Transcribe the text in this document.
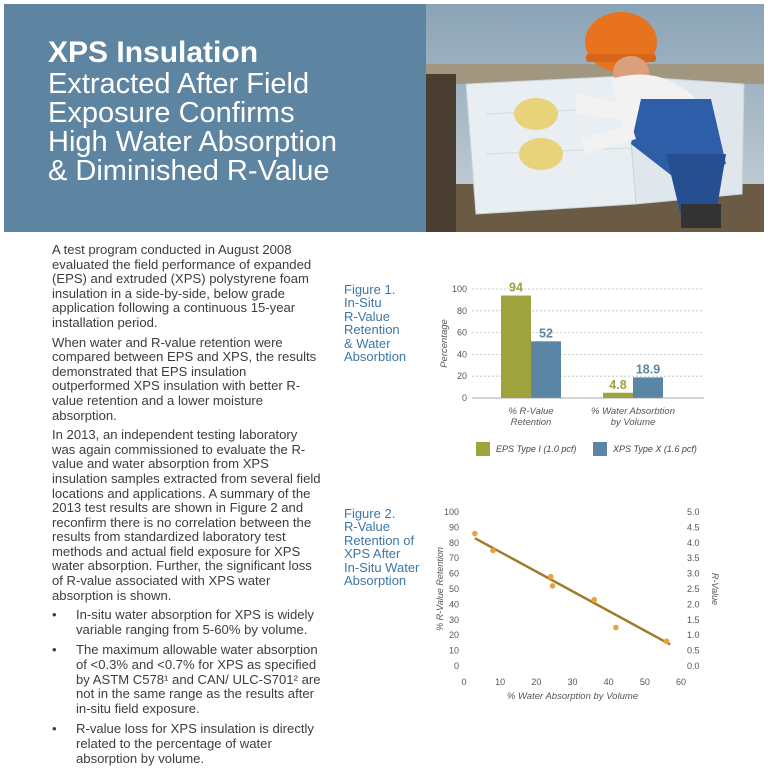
XPS Insulation
Extracted After Field
Exposure Confirms
High Water Absorption
& Diminished R-Value

A test program conducted in August 2008 evaluated the field performance of expanded (EPS) and extruded (XPS) polystyrene foam insulation in a side-by-side, below grade application following a continuous 15-year installation period.

When water and R-value retention were compared between EPS and XPS, the results demonstrated that EPS insulation outperformed XPS insulation with better R-value retention and a lower moisture absorption.

In 2013, an independent testing laboratory was again commissioned to evaluate the R-value and water absorption from XPS insulation samples extracted from several field locations and applications. A summary of the 2013 test results are shown in Figure 2 and reconfirm there is no correlation between the results from standardized laboratory test methods and actual field exposure for XPS water absorption. Further, the significant loss of R-value associated with XPS water absorption is shown.

• In-situ water absorption for XPS is widely variable ranging from 5-60% by volume.
• The maximum allowable water absorption of <0.3% and <0.7% for XPS as specified by ASTM C578¹ and CAN/ ULC-S701² are not in the same range as the results after in-situ field exposure.
• R-value loss for XPS insulation is directly related to the percentage of water absorption by volume.
Figure 1.
In-Situ
R-Value
Retention
& Water
Absorbtion
Figure 2.
R-Value
Retention of
XPS After
In-Situ Water
Absorption
0
20
40
60
80
100
Percentage
94
52
% R-Value
Retention
4.8
18.9
% Water Absorbtion
by Volume
EPS Type I (1.0 pcf)	XPS Type X (1.6 pcf)
0
10
20
30
40
50
60
70
80
90
100
0.0
0.5
1.0
1.5
2.0
2.5
3.0
3.5
4.0
4.5
5.0
0	10	20	30	40	50	60
% Water Absorption by Volume
% R-Value Retention	R-Value
